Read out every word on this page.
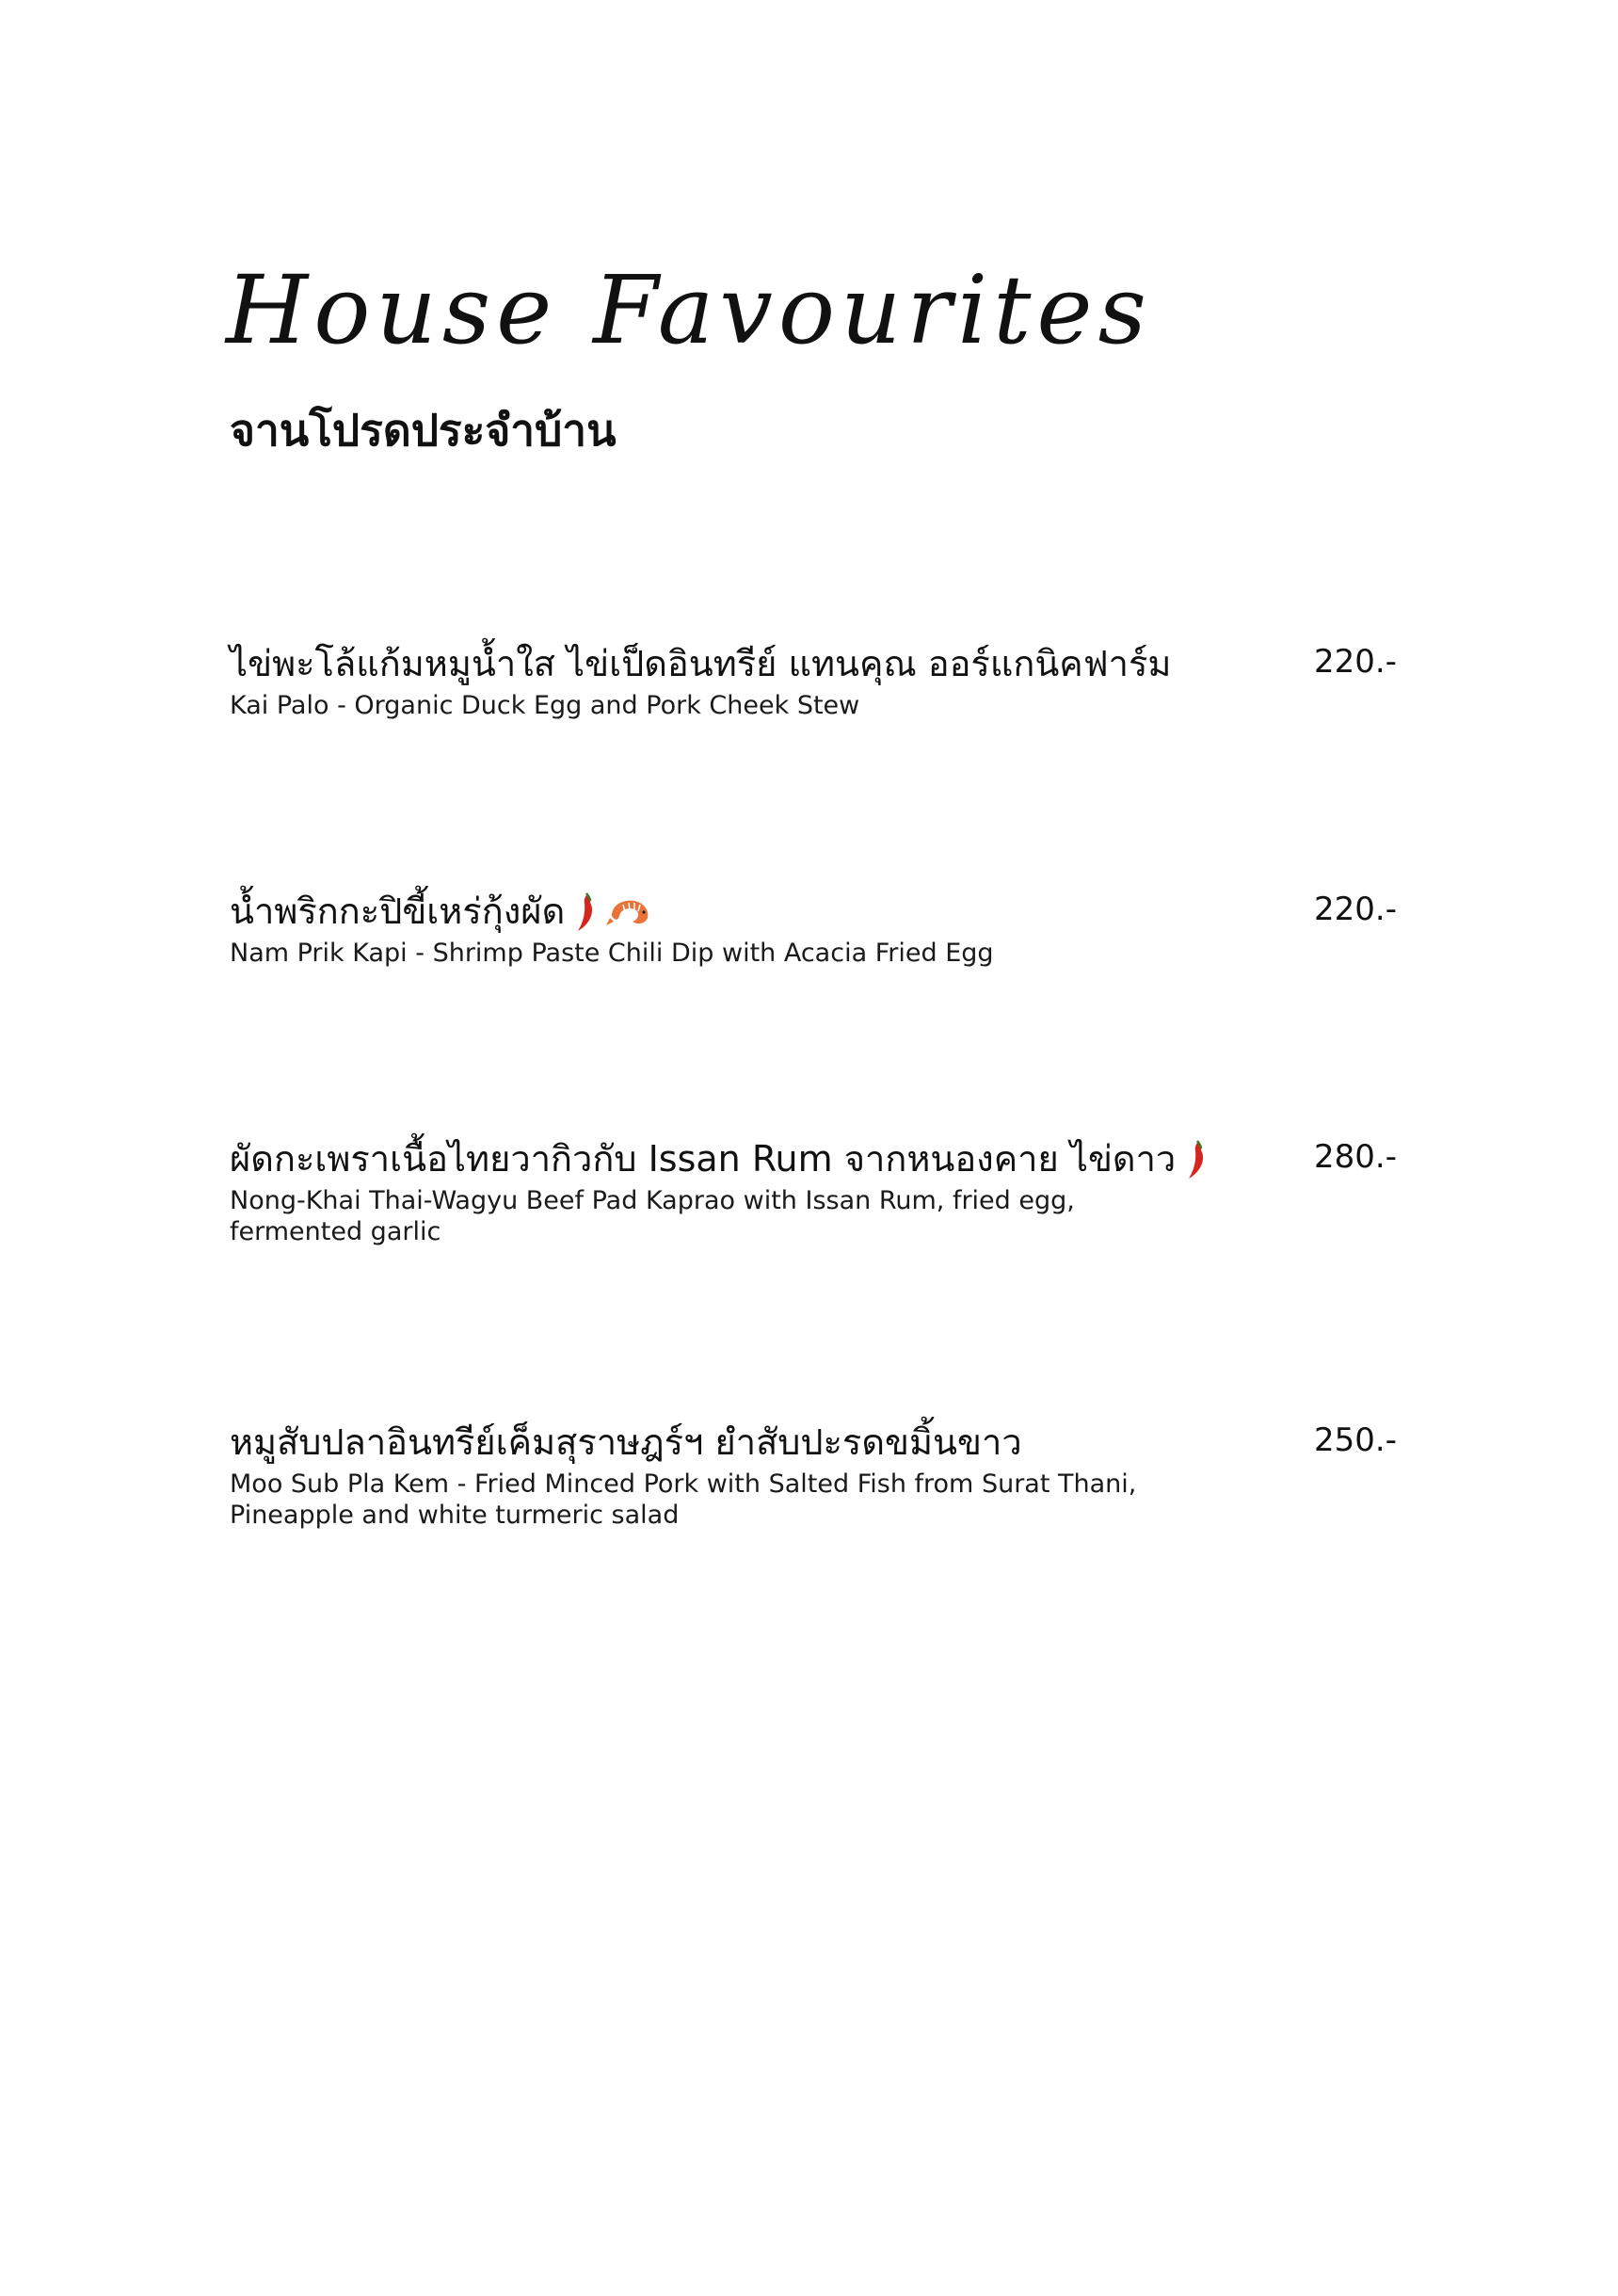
House Favourites
จานโปรดประจำบ้าน
ไข่พะโล้แก้มหมูน้ำใส ไข่เป็ดอินทรีย์ แทนคุณ ออร์แกนิคฟาร์ม
Kai Palo - Organic Duck Egg and Pork Cheek Stew
220.-
น้ำพริกกะปิขี้เหร่กุ้งผัด
Nam Prik Kapi - Shrimp Paste Chili Dip with Acacia Fried Egg
220.-
ผัดกะเพราเนื้อไทยวากิวกับ Issan Rum จากหนองคาย ไข่ดาว
Nong-Khai Thai-Wagyu Beef Pad Kaprao with Issan Rum, fried egg, fermented garlic
280.-
หมูสับปลาอินทรีย์เค็มสุราษฎร์ฯ ยำสับปะรดขมิ้นขาว
Moo Sub Pla Kem - Fried Minced Pork with Salted Fish from Surat Thani, Pineapple and white turmeric salad
250.-
